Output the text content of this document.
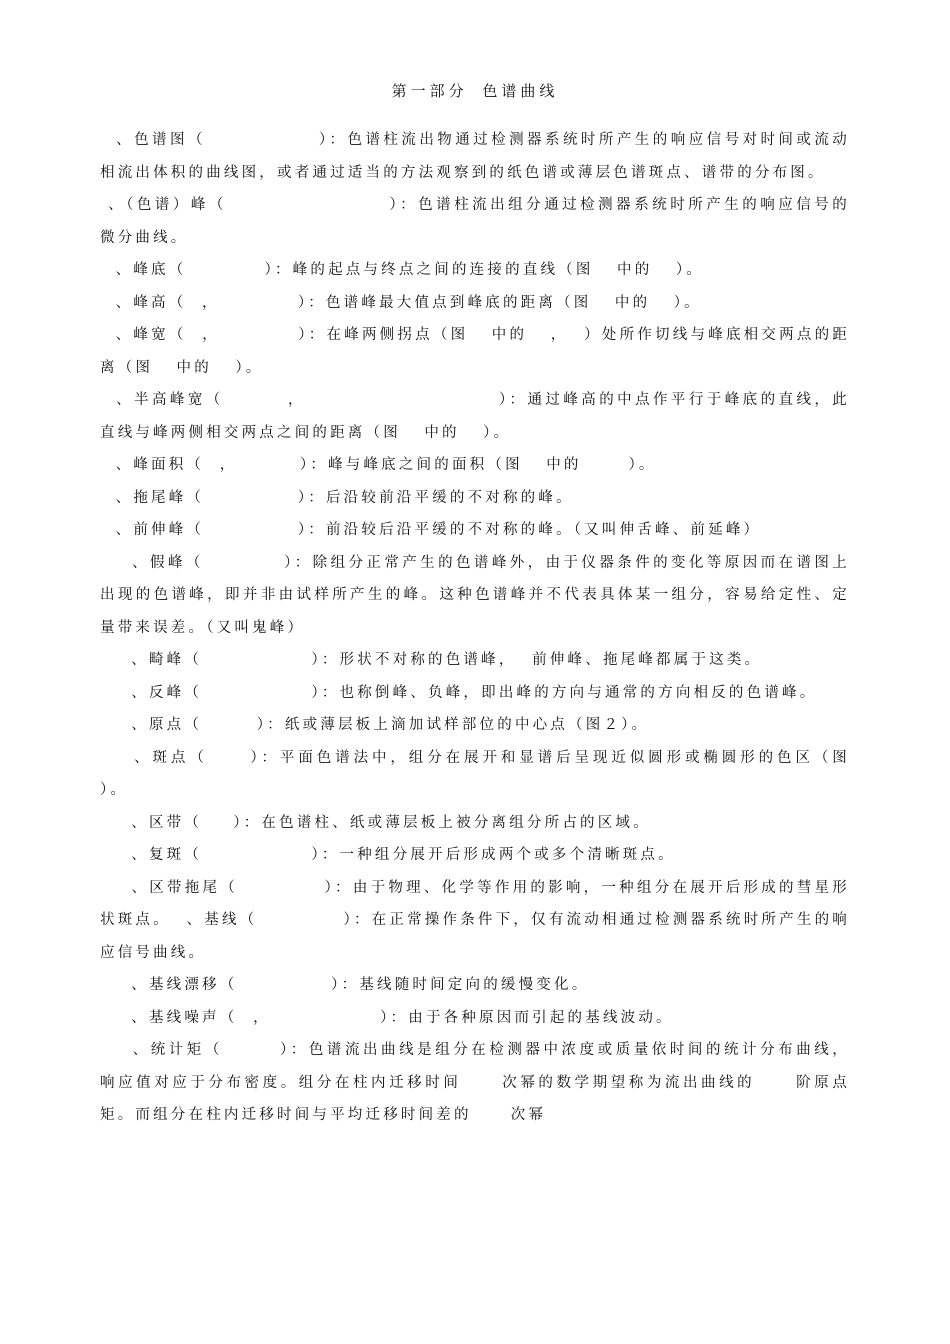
第一部分 色谱曲线

、色谱图（              ）：色谱柱流出物通过检测器系统时所产生的响应信号对时间或流动相流出体积的曲线图，或者通过适当的方法观察到的纸色谱或薄层色谱斑点、谱带的分布图。

、（色谱）峰（                    ）：色谱柱流出组分通过检测器系统时所产生的响应信号的微分曲线。

、峰底（          ）：峰的起点与终点之间的连接的直线（图   中的   ）。

、峰高（  ，          ）：色谱峰最大值点到峰底的距离（图   中的   ）。

、峰宽（  ，          ）：在峰两侧拐点（图   中的   ，  ）处所作切线与峰底相交两点的距离（图   中的   ）。

、半高峰宽（        ，                        ）：通过峰高的中点作平行于峰底的直线，此直线与峰两侧相交两点之间的距离（图   中的   ）。

、峰面积（  ，        ）：峰与峰底之间的面积（图   中的      ）。

、拖尾峰（            ）：后沿较前沿平缓的不对称的峰。

、前伸峰（            ）：前沿较后沿平缓的不对称的峰。（又叫伸舌峰、前延峰）

、假峰（          ）：除组分正常产生的色谱峰外，由于仪器条件的变化等原因而在谱图上出现的色谱峰，即并非由试样所产生的峰。这种色谱峰并不代表具体某一组分，容易给定性、定量带来误差。（又叫鬼峰）

、畸峰（              ）：形状不对称的色谱峰，  前伸峰、拖尾峰都属于这类。

、反峰（              ）：也称倒峰、负峰，即出峰的方向与通常的方向相反的色谱峰。

、原点（       ）：纸或薄层板上滴加试样部位的中心点（图２）。

、斑点（     ）：平面色谱法中，组分在展开和显谱后呈现近似圆形或椭圆形的色区（图  ）。

、区带（    ）：在色谱柱、纸或薄层板上被分离组分所占的区域。

、复斑（              ）：一种组分展开后形成两个或多个清晰斑点。

、区带拖尾（           ）：由于物理、化学等作用的影响，一种组分在展开后形成的彗星形状斑点。  、基线（           ）：在正常操作条件下，仅有流动相通过检测器系统时所产生的响应信号曲线。

、基线漂移（            ）：基线随时间定向的缓慢变化。

、基线噪声（  ，              ）：由于各种原因而引起的基线波动。

、统计矩（       ）：色谱流出曲线是组分在检测器中浓度或质量依时间的统计分布曲线，响应值对应于分布密度。组分在柱内迁移时间     次幂的数学期望称为流出曲线的     阶原点矩。而组分在柱内迁移时间与平均迁移时间差的     次幂
